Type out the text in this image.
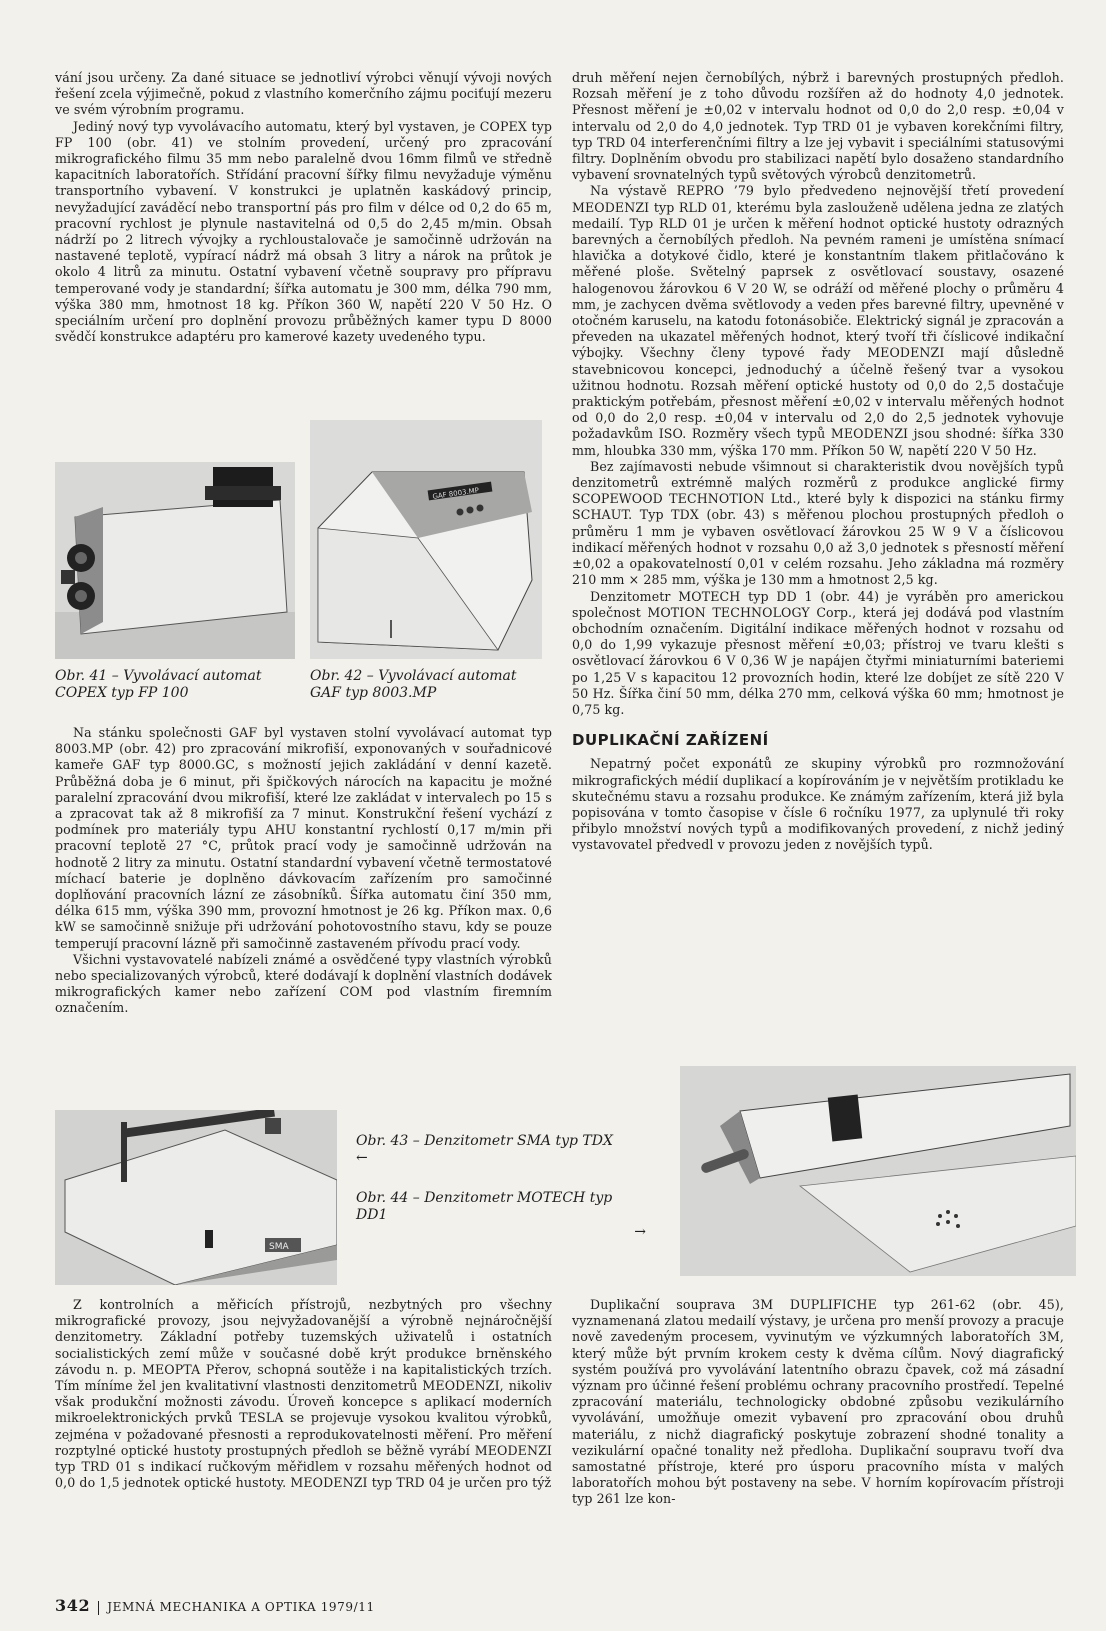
vání jsou určeny. Za dané situace se jednotliví výrobci věnují vývoji nových řešení zcela výjimečně, pokud z vlastního komerčního zájmu pociťují mezeru ve svém výrobním programu.

Jediný nový typ vyvolávacího automatu, který byl vystaven, je COPEX typ FP 100 (obr. 41) ve stolním provedení, určený pro zpracování mikrografického filmu 35 mm nebo paralelně dvou 16mm filmů ve středně kapacitních laboratořích. Střídání pracovní šířky filmu nevyžaduje výměnu transportního vybavení. V konstrukci je uplatněn kaskádový princip, nevyžadující zaváděcí nebo transportní pás pro film v délce od 0,2 do 65 m, pracovní rychlost je plynule nastavitelná od 0,5 do 2,45 m/min. Obsah nádrží po 2 litrech vývojky a rychloustalovače je samočinně udržován na nastavené teplotě, vypírací nádrž má obsah 3 litry a nárok na průtok je okolo 4 litrů za minutu. Ostatní vybavení včetně soupravy pro přípravu temperované vody je standardní; šířka automatu je 300 mm, délka 790 mm, výška 380 mm, hmotnost 18 kg. Příkon 360 W, napětí 220 V 50 Hz. O speciálním určení pro doplnění provozu průběžných kamer typu D 8000 svědčí konstrukce adaptéru pro kamerové kazety uvedeného typu.

GAF 8003.MP
Obr. 41 – Vyvolávací automat
COPEX typ FP 100
Obr. 42 – Vyvolávací automat
GAF typ 8003.MP

Na stánku společnosti GAF byl vystaven stolní vyvolávací automat typ 8003.MP (obr. 42) pro zpracování mikrofiší, exponovaných v souřadnicové kameře GAF typ 8000.GC, s možností jejich zakládání v denní kazetě. Průběžná doba je 6 minut, při špičkových nárocích na kapacitu je možné paralelní zpracování dvou mikrofiší, které lze zakládat v intervalech po 15 s a zpracovat tak až 8 mikrofiší za 7 minut. Konstrukční řešení vychází z podmínek pro materiály typu AHU konstantní rychlostí 0,17 m/min při pracovní teplotě 27 °C, průtok prací vody je samočinně udržován na hodnotě 2 litry za minutu. Ostatní standardní vybavení včetně termostatové míchací baterie je doplněno dávkovacím zařízením pro samočinné doplňování pracovních lázní ze zásobníků. Šířka automatu činí 350 mm, délka 615 mm, výška 390 mm, provozní hmotnost je 26 kg. Příkon max. 0,6 kW se samočinně snižuje při udržování pohotovostního stavu, kdy se pouze temperují pracovní lázně při samočinně zastaveném přívodu prací vody.

Všichni vystavovatelé nabízeli známé a osvědčené typy vlastních výrobků nebo specializovaných výrobců, které dodávají k doplnění vlastních dodávek mikrografických kamer nebo zařízení COM pod vlastním firemním označením.

druh měření nejen černobílých, nýbrž i barevných prostupných předloh. Rozsah měření je z toho důvodu rozšířen až do hodnoty 4,0 jednotek. Přesnost měření je ±0,02 v intervalu hodnot od 0,0 do 2,0 resp. ±0,04 v intervalu od 2,0 do 4,0 jednotek. Typ TRD 01 je vybaven korekčními filtry, typ TRD 04 interferenčními filtry a lze jej vybavit i speciálními statusovými filtry. Doplněním obvodu pro stabilizaci napětí bylo dosaženo standardního vybavení srovnatelných typů světových výrobců denzitometrů.

Na výstavě REPRO ’79 bylo předvedeno nejnovější třetí provedení MEODENZI typ RLD 01, kterému byla zaslouženě udělena jedna ze zlatých medailí. Typ RLD 01 je určen k měření hodnot optické hustoty odrazných barevných a černobílých předloh. Na pevném rameni je umístěna snímací hlavička a dotykové čidlo, které je konstantním tlakem přitlačováno k měřené ploše. Světelný paprsek z osvětlovací soustavy, osazené halogenovou žárovkou 6 V 20 W, se odráží od měřené plochy o průměru 4 mm, je zachycen dvěma světlovody a veden přes barevné filtry, upevněné v otočném karuselu, na katodu fotonásobiče. Elektrický signál je zpracován a převeden na ukazatel měřených hodnot, který tvoří tři číslicové indikační výbojky. Všechny členy typové řady MEODENZI mají důsledně stavebnicovou koncepci, jednoduchý a účelně řešený tvar a vysokou užitnou hodnotu. Rozsah měření optické hustoty od 0,0 do 2,5 dostačuje praktickým potřebám, přesnost měření ±0,02 v intervalu měřených hodnot od 0,0 do 2,0 resp. ±0,04 v intervalu od 2,0 do 2,5 jednotek vyhovuje požadavkům ISO. Rozměry všech typů MEODENZI jsou shodné: šířka 330 mm, hloubka 330 mm, výška 170 mm. Příkon 50 W, napětí 220 V 50 Hz.

Bez zajímavosti nebude všimnout si charakteristik dvou novějších typů denzitometrů extrémně malých rozměrů z produkce anglické firmy SCOPEWOOD TECHNOTION Ltd., které byly k dispozici na stánku firmy SCHAUT. Typ TDX (obr. 43) s měřenou plochou prostupných předloh o průměru 1 mm je vybaven osvětlovací žárovkou 25 W 9 V a číslicovou indikací měřených hodnot v rozsahu 0,0 až 3,0 jednotek s přesností měření ±0,02 a opakovatelností 0,01 v celém rozsahu. Jeho základna má rozměry 210 mm × 285 mm, výška je 130 mm a hmotnost 2,5 kg.

Denzitometr MOTECH typ DD 1 (obr. 44) je vyráběn pro americkou společnost MOTION TECHNOLOGY Corp., která jej dodává pod vlastním obchodním označením. Digitální indikace měřených hodnot v rozsahu od 0,0 do 1,99 vykazuje přesnost měření ±0,03; přístroj ve tvaru klešti s osvětlovací žárovkou 6 V 0,36 W je napájen čtyřmi miniaturními bateriemi po 1,25 V s kapacitou 12 provozních hodin, které lze dobíjet ze sítě 220 V 50 Hz. Šířka činí 50 mm, délka 270 mm, celková výška 60 mm; hmotnost je 0,75 kg.

DUPLIKAČNÍ ZAŘÍZENÍ

Nepatrný počet exponátů ze skupiny výrobků pro rozmnožování mikrografických médií duplikací a kopírováním je v největším protikladu ke skutečnému stavu a rozsahu produkce. Ke známým zařízením, která již byla popisována v tomto časopise v čísle 6 ročníku 1977, za uplynulé tři roky přibylo množství nových typů a modifikovaných provedení, z nichž jediný vystavovatel předvedl v provozu jeden z novějších typů.

SMA
Obr. 43 – Denzitometr SMA typ TDX
←
Obr. 44 – Denzitometr MOTECH typ
DD1
→

Z kontrolních a měřicích přístrojů, nezbytných pro všechny mikrografické provozy, jsou nejvyžadovanější a výrobně nejnáročnější denzitometry. Základní potřeby tuzemských uživatelů i ostatních socialistických zemí může v současné době krýt produkce brněnského závodu n. p. MEOPTA Přerov, schopná soutěže i na kapitalistických trzích. Tím míníme žel jen kvalitativní vlastnosti denzitometrů MEODENZI, nikoliv však produkční možnosti závodu. Úroveň koncepce s aplikací moderních mikroelektronických prvků TESLA se projevuje vysokou kvalitou výrobků, zejména v požadované přesnosti a reprodukovatelnosti měření. Pro měření rozptylné optické hustoty prostupných předloh se běžně vyrábí MEODENZI typ TRD 01 s indikací ručkovým měřidlem v rozsahu měřených hodnot od 0,0 do 1,5 jednotek optické hustoty. MEODENZI typ TRD 04 je určen pro týž

Duplikační souprava 3M DUPLIFICHE typ 261-62 (obr. 45), vyznamenaná zlatou medailí výstavy, je určena pro menší provozy a pracuje nově zavedeným procesem, vyvinutým ve výzkumných laboratořích 3M, který může být prvním krokem cesty k dvěma cílům. Nový diagrafický systém používá pro vyvolávání latentního obrazu čpavek, což má zásadní význam pro účinné řešení problému ochrany pracovního prostředí. Tepelné zpracování materiálu, technologicky obdobné způsobu vezikulárního vyvolávání, umožňuje omezit vybavení pro zpracování obou druhů materiálu, z nichž diagrafický poskytuje zobrazení shodné tonality a vezikulární opačné tonality než předloha. Duplikační soupravu tvoří dva samostatné přístroje, které pro úsporu pracovního místa v malých laboratořích mohou být postaveny na sebe. V horním kopírovacím přístroji typ 261 lze kon-

342 JEMNÁ MECHANIKA A OPTIKA 1979/11
